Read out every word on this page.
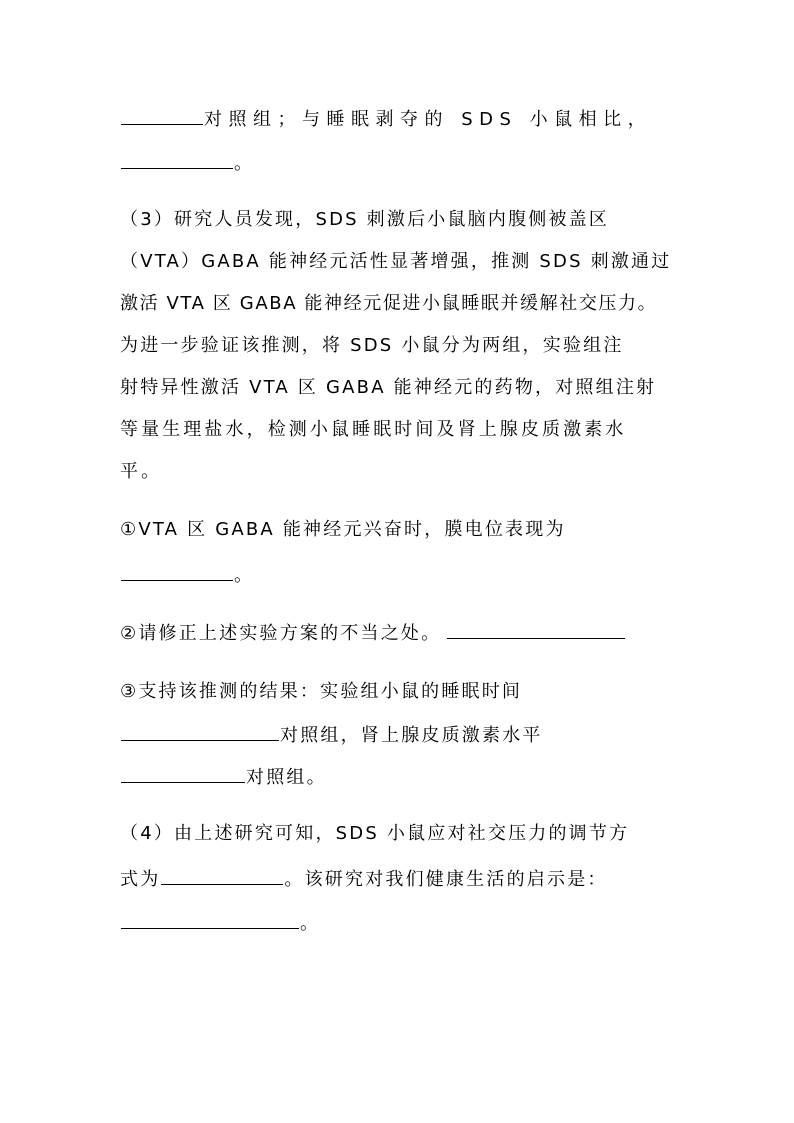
对照组；与睡眠剥夺的 SDS 小鼠相比，
。
（3）研究人员发现，SDS 刺激后小鼠脑内腹侧被盖区
（VTA）GABA 能神经元活性显著增强，推测 SDS 刺激通过
激活 VTA 区 GABA 能神经元促进小鼠睡眠并缓解社交压力。
为进一步验证该推测，将 SDS 小鼠分为两组，实验组注
射特异性激活 VTA 区 GABA 能神经元的药物，对照组注射
等量生理盐水，检测小鼠睡眠时间及肾上腺皮质激素水
平。
①VTA 区 GABA 能神经元兴奋时，膜电位表现为
。
②请修正上述实验方案的不当之处。
③支持该推测的结果：实验组小鼠的睡眠时间
对照组，肾上腺皮质激素水平
对照组。
（4）由上述研究可知，SDS 小鼠应对社交压力的调节方
式为	。该研究对我们健康生活的启示是：
。
